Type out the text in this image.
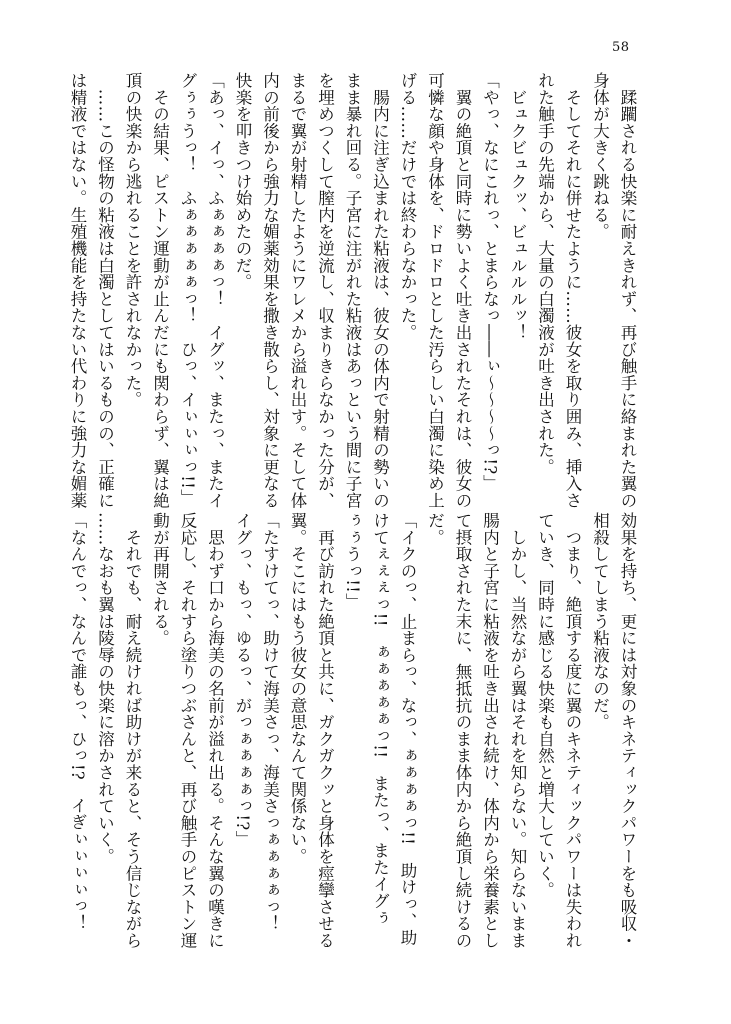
58
　蹂躙される快楽に耐えきれず、再び触手に絡まれた翼の
身体が大きく跳ねる。
　そしてそれに併せたように……彼女を取り囲み、挿入さ
れた触手の先端から、大量の白濁液が吐き出された。
　ビュクビュクッ、ビュルルルッ！
「やっ、なにこれっ、とまらなっ――ぃ〜〜〜〜っ!?」
　翼の絶頂と同時に勢いよく吐き出されたそれは、彼女の
可憐な顔や身体を、ドロドロとした汚らしい白濁に染め上
げる……だけでは終わらなかった。
　腸内に注ぎ込まれた粘液は、彼女の体内で射精の勢いの
まま暴れ回る。子宮に注がれた粘液はあっという間に子宮
を埋めつくして膣内を逆流し、収まりきらなかった分が、
まるで翼が射精したようにワレメから溢れ出す。そして体
内の前後から強力な媚薬効果を撒き散らし、対象に更なる
快楽を叩きつけ始めたのだ。
「あっ、イっ、ふぁぁぁぁっ！　イグッ、またっ、またイ
グぅぅうっ！　ふぁぁぁぁぁっ！　ひっ、イぃぃぃっ!!」
　その結果、ピストン運動が止んだにも関わらず、翼は絶
頂の快楽から逃れることを許されなかった。
　……この怪物の粘液は白濁としてはいるものの、正確に
は精液ではない。生殖機能を持たない代わりに強力な媚薬
効果を持ち、更には対象のキネティックパワーをも吸収・
相殺してしまう粘液なのだ。
　つまり、絶頂する度に翼のキネティックパワーは失われ
ていき、同時に感じる快楽も自然と増大していく。
　しかし、当然ながら翼はそれを知らない。知らないまま
腸内と子宮に粘液を吐き出され続け、体内から栄養素とし
て摂取された末に、無抵抗のまま体内から絶頂し続けるの
だ。
「イクのっ、止まらっ、なっ、ぁぁぁぁっ!!　助けっ、助
けてぇぇぇっ!!　ぁぁぁぁぁっ!!　またっ、またイグぅ
ぅぅうっ!!」
　再び訪れた絶頂と共に、ガクガクッと身体を痙攣させる
翼。そこにはもう彼女の意思なんて関係ない。
「たすけてっ、助けて海美さっ、海美さっぁぁぁぁっ！
イグっ、もっ、ゆるっ、がっぁぁぁぁっ!?」
　思わず口から海美の名前が溢れ出る。そんな翼の嘆きに
反応し、それすら塗りつぶさんと、再び触手のピストン運
動が再開される。
　それでも、耐え続ければ助けが来ると、そう信じながら
……なおも翼は陵辱の快楽に溶かされていく。
「なんでっ、なんで誰もっ、ひっ!?　イぎぃぃぃぃっ！
